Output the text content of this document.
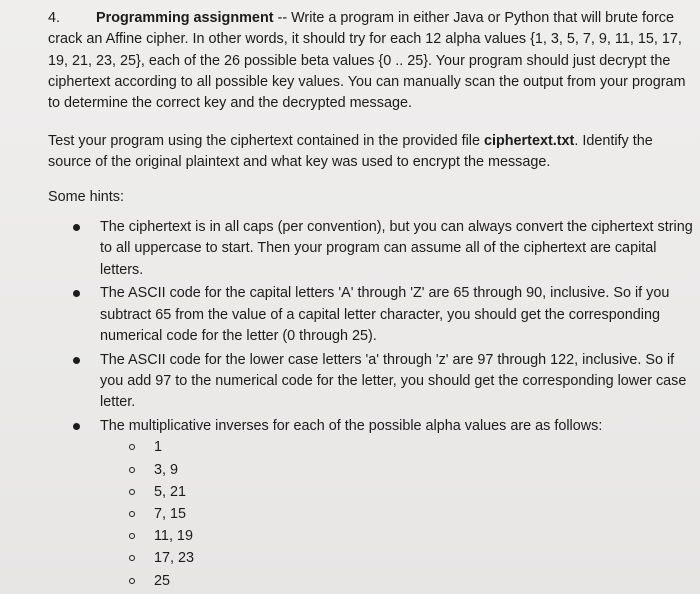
4.	Programming assignment -- Write a program in either Java or Python that will brute force crack an Affine cipher. In other words, it should try for each 12 alpha values {1, 3, 5, 7, 9, 11, 15, 17, 19, 21, 23, 25}, each of the 26 possible beta values {0 .. 25}. Your program should just decrypt the ciphertext according to all possible key values. You can manually scan the output from your program to determine the correct key and the decrypted message.

Test your program using the ciphertext contained in the provided file ciphertext.txt. Identify the source of the original plaintext and what key was used to encrypt the message.

Some hints:

The ciphertext is in all caps (per convention), but you can always convert the ciphertext string to all uppercase to start. Then your program can assume all of the ciphertext are capital letters.
The ASCII code for the capital letters 'A' through 'Z' are 65 through 90, inclusive. So if you subtract 65 from the value of a capital letter character, you should get the corresponding numerical code for the letter (0 through 25).
The ASCII code for the lower case letters 'a' through 'z' are 97 through 122, inclusive. So if you add 97 to the numerical code for the letter, you should get the corresponding lower case letter.
The multiplicative inverses for each of the possible alpha values are as follows:
1
3, 9
5, 21
7, 15
11, 19
17, 23
25
